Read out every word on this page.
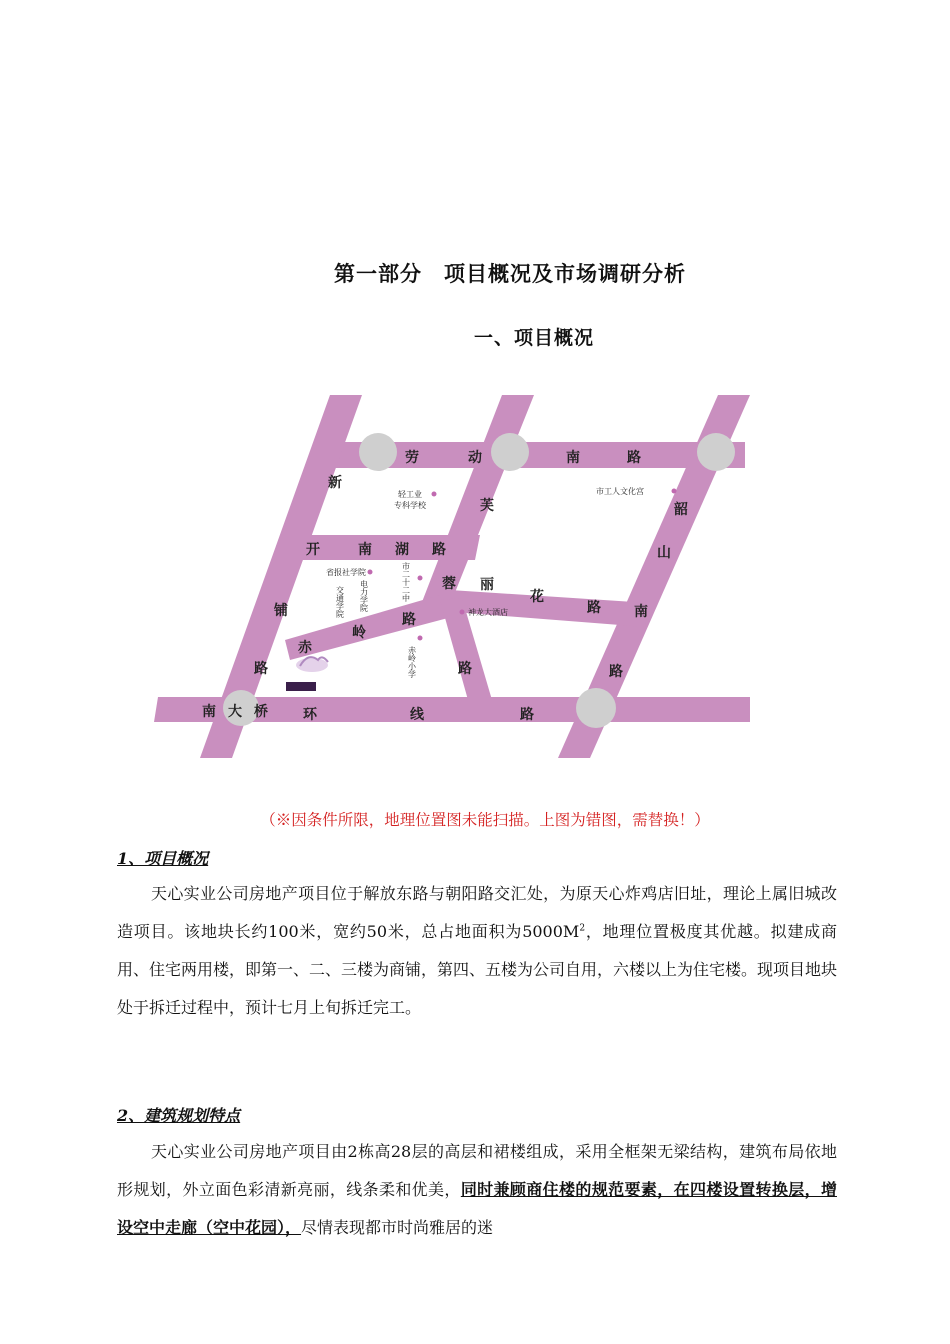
第一部分　项目概况及市场调研分析
一、项目概况
劳	动	南	路
新
开
铺
路
南 湖 路
芙
蓉
赤
岭
路
丽
花
路
韶
山
南
路
南 大 桥	环	线	路
路
轻工业
专科学校
市工人文化宫
省报社学院
电力学院
交通学院	市二十二中
神龙大酒店
赤岭小学
（※因条件所限，地理位置图未能扫描。上图为错图，需替换！）
1、项目概况
天心实业公司房地产项目位于解放东路与朝阳路交汇处，为原天心炸鸡店旧址，理论上属旧城改造项目。该地块长约100米，宽约50米，总占地面积为$5000M^2$，地理位置极度其优越。拟建成商用、住宅两用楼，即第一、二、三楼为商铺，第四、五楼为公司自用，六楼以上为住宅楼。现项目地块处于拆迁过程中，预计七月上旬拆迁完工。
2、建筑规划特点
天心实业公司房地产项目由2栋高28层的高层和裙楼组成，采用全框架无梁结构，建筑布局依地形规划，外立面色彩清新亮丽，线条柔和优美，同时兼顾商住楼的规范要素，在四楼设置转换层，增设空中走廊（空中花园），尽情表现都市时尚雅居的迷
